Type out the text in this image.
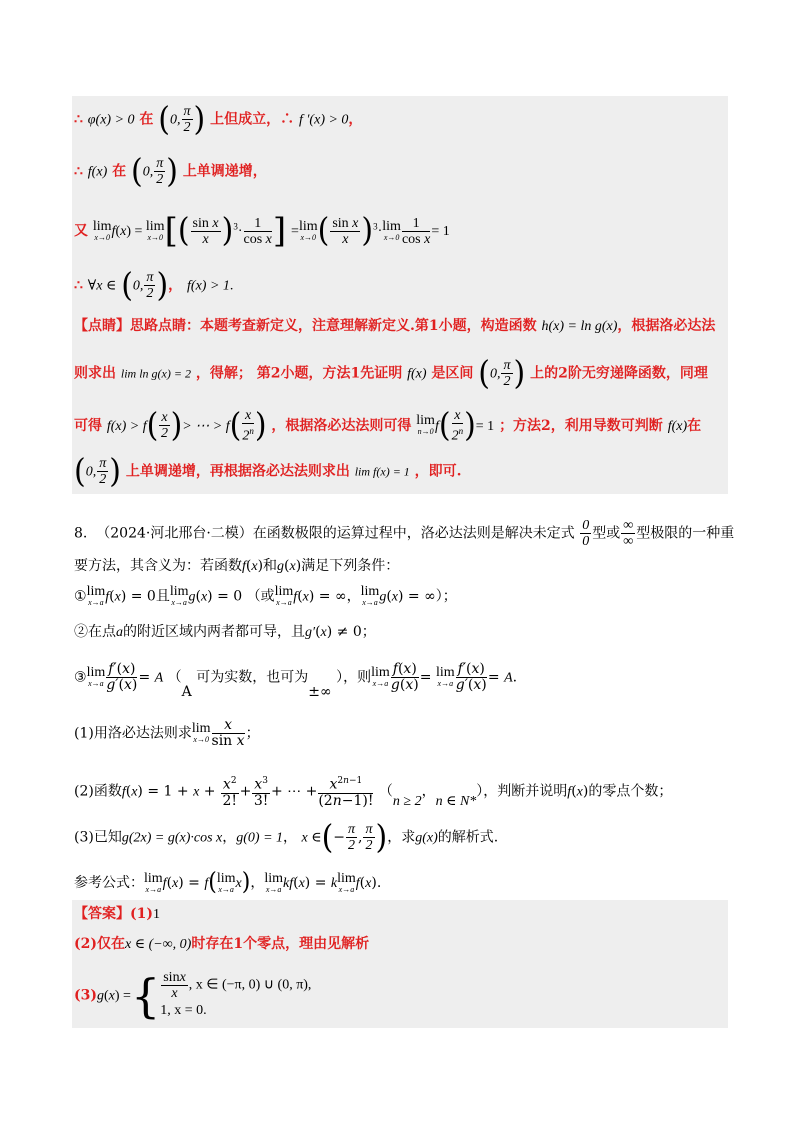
∴ φ(x) > 0 在 (0, $\frac{\pi}{2}$ ) 上但成立，∴ f ′(x) > 0，
∴ f(x) 在 (0, $\frac{\pi}{2}$ ) 上单调递增，
又 lim
x→0 f(x) = lim
x→0 [( $\frac{\text{sin x}}{x} )^3\cdot \frac{1}{\text{cos x}}$ ] =lim
x→0 ( $\frac{\text{sin x}}{x} )^3\cdot\lim$
$x\to 0 \frac{1}{\text{cos x}} = 1$
∴ ∀x ∈ (0, $\frac{\pi}{2}$ )， f(x) > 1.
【点睛】思路点睛：本题考查新定义，注意理解新定义.第1小题，构造函数 h(x) = ln g(x)，根据洛必达法
则求出 lim ln g(x) = 2 ，得解； 第2小题，方法1先证明 f(x) 是区间 (0, $\frac{\pi}{2}$ ) 上的2阶无穷递降函数，同理
可得 $f(x) > f( \frac{x}{2}$ )> ⋯ > $f( \frac{x}{2^n}$ ) ，根据洛必达法则可得 lim
n→0 $f( \frac{x}{2^n}$ )= 1 ；方法2，利用导数可判断 f(x)在
(0, $\frac{\pi}{2}$ ) 上单调递增，再根据洛必达法则求出 lim f(x) = 1 ，即可.
8. （2024·河北邢台·二模）在函数极限的运算过程中，洛必达法则是解决未定式 $\frac{0}{0}$ 型或 $\frac{\infty}{\infty}$ 型极限的一种重
要方法，其含义为：若函数f(x)和g(x)满足下列条件：
①lim
x→a f(x) = 0且lim
x→a g(x) = 0 （或lim
x→a f(x) = ∞，lim
x→a g(x) = ∞）；
②在点a的附近区域内两者都可导，且g′(x) ≠ 0；
③lim
$x\to a \frac{f'(x)}{g'(x)} = A$ （A 可为实数，也可为±∞ ），则lim
$x\to a \frac{f(x)}{g(x)} = \lim$
$x\to a \frac{f'(x)}{g'(x)} = A$.
(1)用洛必达法则求lim
$x\to 0 \frac{x}{\text{sin x}}$ ；
(2)函数$f(x) = 1 + x + \frac{x^2}{2!} + \frac{x^3}{3!}$ + ⋯ + $\frac{x^{2n-1}}{(2n-1)!} (n \ge 2$，n ∈ N*），判断并说明f(x)的零点个数；
(3)已知g(2x) = g(x)·cos x，g(0) = 1， x ∈(− $\frac{\pi}{2}$ , $\frac{\pi}{2}$ )，求g(x)的解析式.
参考公式：lim
x→a f(x) = f(lim
x→a x)，lim
x→a kf(x) = klim
x→a f(x).
【答案】(1)1
(2)仅在x ∈ (−∞, 0)时存在1个零点，理由见解析
(3)g(x) ={ $\frac{\sin x}{x}$ , x ∈ (−π, 0) ∪ (0, π),
1, x = 0.
